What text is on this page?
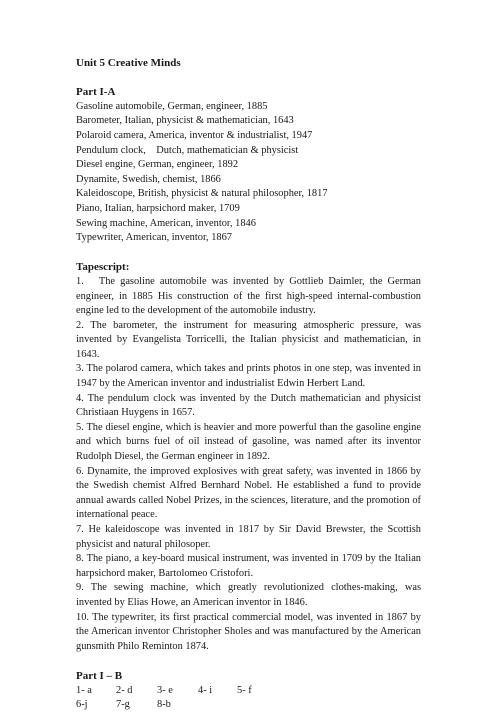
Unit 5 Creative Minds

Part I-A

Gasoline automobile, German, engineer, 1885

Barometer, Italian, physicist & mathematician, 1643

Polaroid camera, America, inventor & industrialist, 1947

Pendulum clock,    Dutch, mathematician & physicist

Diesel engine, German, engineer, 1892

Dynamite, Swedish, chemist, 1866

Kaleidoscope, British, physicist & natural philosopher, 1817

Piano, Italian, harpsichord maker, 1709

Sewing machine, American, inventor, 1846

Typewriter, American, inventor, 1867

Tapescript:

1.   The gasoline automobile was invented by Gottlieb Daimler, the German engineer, in 1885 His construction of the first high-speed internal-combustion engine led to the development of the automobile industry.

2. The barometer, the instrument for measuring atmospheric pressure, was invented by Evangelista Torricelli, the Italian physicist and mathematician, in 1643.

3. The polarod camera, which takes and prints photos in one step, was invented in 1947 by the American inventor and industrialist Edwin Herbert Land.

4. The pendulum clock was invented by the Dutch mathematician and physicist Christiaan Huygens in 1657.

5. The diesel engine, which is heavier and more powerful than the gasoline engine and which burns fuel of oil instead of gasoline, was named after its inventor Rudolph Diesel, the German engineer in 1892.

6. Dynamite, the improved explosives with great safety, was invented in 1866 by the Swedish chemist Alfred Bernhard Nobel. He established a fund to provide annual awards called Nobel Prizes, in the sciences, literature, and the promotion of international peace.

7. He kaleidoscope was invented in 1817 by Sir David Brewster, the Scottish physicist and natural philosoper.

8. The piano, a key-board musical instrument, was invented in 1709 by the Italian harpsichord maker, Bartolomeo Cristofori.

9. The sewing machine, which greatly revolutionized clothes-making, was invented by Elias Howe, an American inventor in 1846.

10. The typewriter, its first practical commercial model, was invented in 1867 by the American inventor Christopher Sholes and was manufactured by the American gunsmith Philo Reminton 1874.

Part I – B

1- a	2- d	3- e	4- i	5- f
6-j	7-g	8-b
